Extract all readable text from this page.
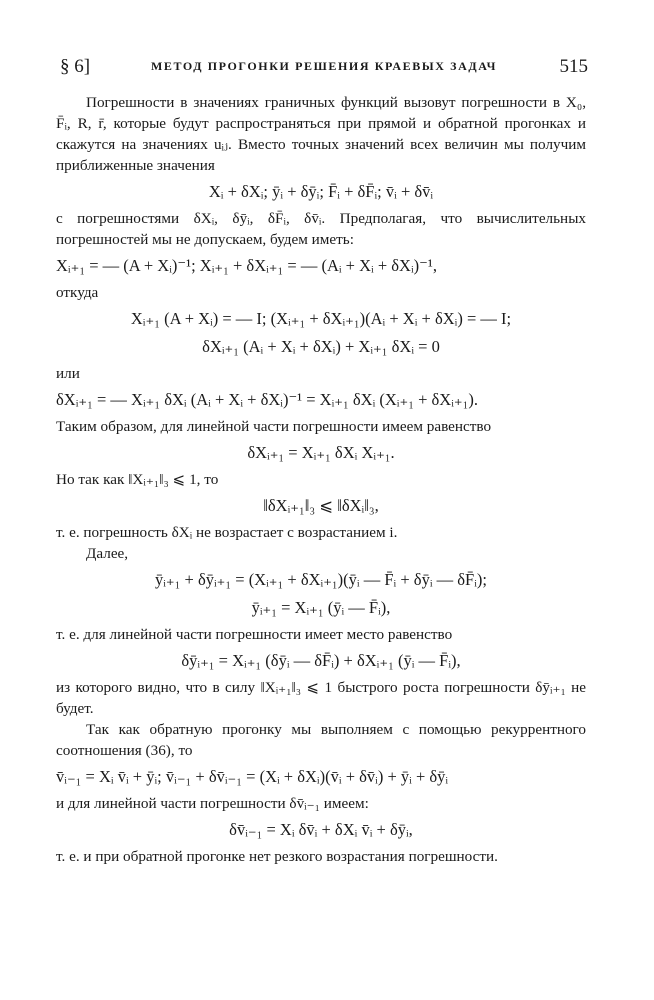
§ 6]	МЕТОД ПРОГОНКИ РЕШЕНИЯ КРАЕВЫХ ЗАДАЧ	515

Погрешности в значениях граничных функций вызовут погрешности в X₀, F̄ᵢ, R, r̄, которые будут распространяться при прямой и обратной прогонках и скажутся на значениях uᵢⱼ. Вместо точных значений всех величин мы получим приближенные значения

Xᵢ + δXᵢ; ȳᵢ + δȳᵢ; F̄ᵢ + δF̄ᵢ; v̄ᵢ + δv̄ᵢ

с погрешностями δXᵢ, δȳᵢ, δF̄ᵢ, δv̄ᵢ. Предполагая, что вычислительных погрешностей мы не допускаем, будем иметь:

Xᵢ₊₁ = — (A + Xᵢ)⁻¹; Xᵢ₊₁ + δXᵢ₊₁ = — (Aᵢ + Xᵢ + δXᵢ)⁻¹,

откуда

Xᵢ₊₁ (A + Xᵢ) = — I; (Xᵢ₊₁ + δXᵢ₊₁)(Aᵢ + Xᵢ + δXᵢ) = — I;
δXᵢ₊₁ (Aᵢ + Xᵢ + δXᵢ) + Xᵢ₊₁ δXᵢ = 0

или

δXᵢ₊₁ = — Xᵢ₊₁ δXᵢ (Aᵢ + Xᵢ + δXᵢ)⁻¹ = Xᵢ₊₁ δXᵢ (Xᵢ₊₁ + δXᵢ₊₁).

Таким образом, для линейной части погрешности имеем равенство

δXᵢ₊₁ = Xᵢ₊₁ δXᵢ Xᵢ₊₁.

Но так как ‖Xᵢ₊₁‖₃ ⩽ 1, то

‖δXᵢ₊₁‖₃ ⩽ ‖δXᵢ‖₃,

т. е. погрешность δXᵢ не возрастает с возрастанием i.

Далее,

ȳᵢ₊₁ + δȳᵢ₊₁ = (Xᵢ₊₁ + δXᵢ₊₁)(ȳᵢ — F̄ᵢ + δȳᵢ — δF̄ᵢ);
ȳᵢ₊₁ = Xᵢ₊₁ (ȳᵢ — F̄ᵢ),

т. е. для линейной части погрешности имеет место равенство

δȳᵢ₊₁ = Xᵢ₊₁ (δȳᵢ — δF̄ᵢ) + δXᵢ₊₁ (ȳᵢ — F̄ᵢ),

из которого видно, что в силу ‖Xᵢ₊₁‖₃ ⩽ 1 быстрого роста погрешности δȳᵢ₊₁ не будет.

Так как обратную прогонку мы выполняем с помощью рекуррентного соотношения (36), то

v̄ᵢ₋₁ = Xᵢ v̄ᵢ + ȳᵢ; v̄ᵢ₋₁ + δv̄ᵢ₋₁ = (Xᵢ + δXᵢ)(v̄ᵢ + δv̄ᵢ) + ȳᵢ + δȳᵢ

и для линейной части погрешности δv̄ᵢ₋₁ имеем:

δv̄ᵢ₋₁ = Xᵢ δv̄ᵢ + δXᵢ v̄ᵢ + δȳᵢ,

т. е. и при обратной прогонке нет резкого возрастания погрешности.
